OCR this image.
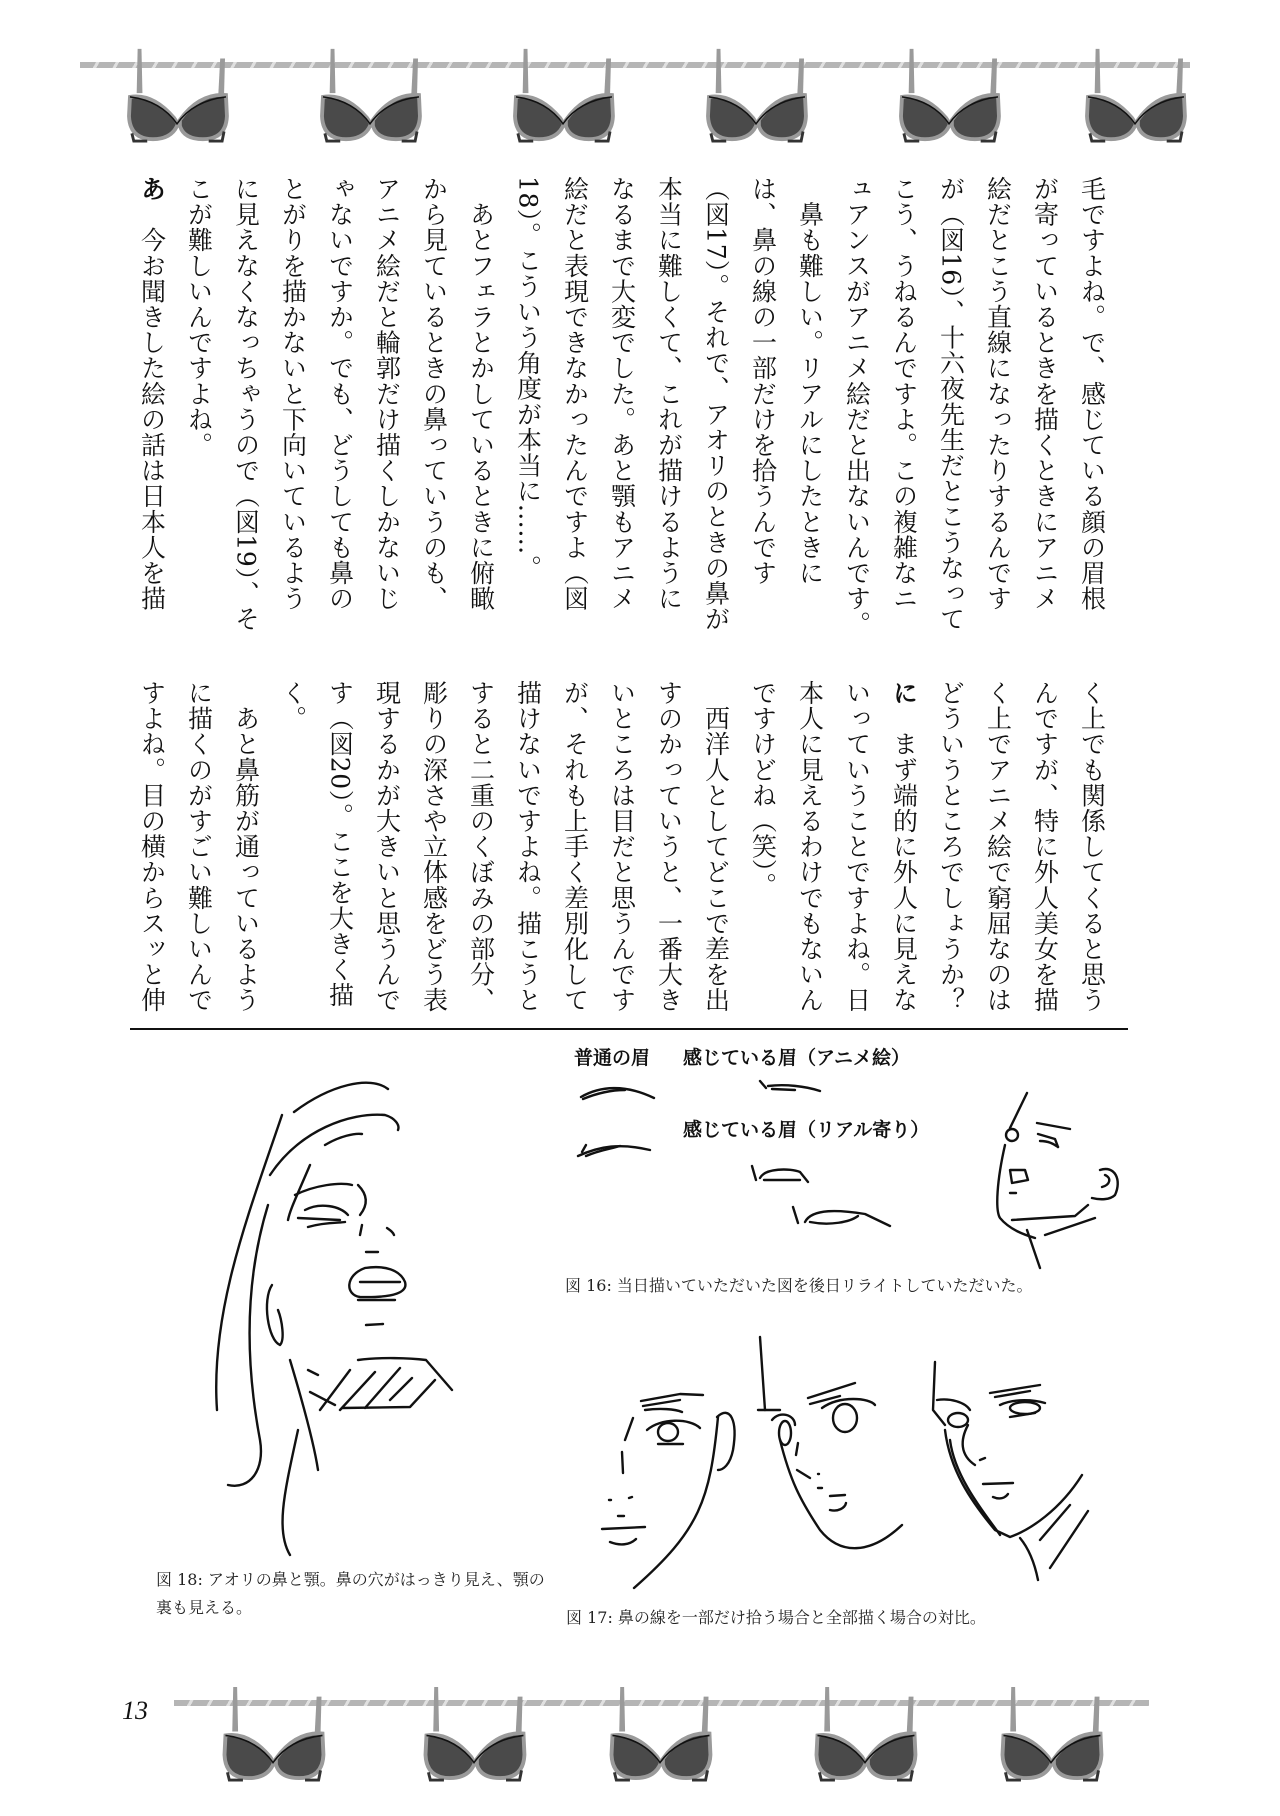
毛ですよね。で、感じている顔の眉根
が寄っているときを描くときにアニメ
絵だとこう直線になったりするんです
が（図16）、十六夜先生だとこうなって
こう、うねるんですよ。この複雑なニ
ュアンスがアニメ絵だと出ないんです。
　鼻も難しい。リアルにしたときに
は、鼻の線の一部だけを拾うんです
（図17）。それで、アオリのときの鼻が
本当に難しくて、これが描けるように
なるまで大変でした。あと顎もアニメ
絵だと表現できなかったんですよ（図
18）。こういう角度が本当に……。
　あとフェラとかしているときに俯瞰
から見ているときの鼻っていうのも、
アニメ絵だと輪郭だけ描くしかないじ
ゃないですか。でも、どうしても鼻の
とがりを描かないと下向いているよう
に見えなくなっちゃうので（図19）、そ
こが難しいんですよね。
あ　今お聞きした絵の話は日本人を描
く上でも関係してくると思う
んですが、特に外人美女を描
く上でアニメ絵で窮屈なのは
どういうところでしょうか？
に　まず端的に外人に見えな
いっていうことですよね。日
本人に見えるわけでもないん
ですけどね（笑）。
　西洋人としてどこで差を出
すのかっていうと、一番大き
いところは目だと思うんです
が、それも上手く差別化して
描けないですよね。描こうと
すると二重のくぼみの部分、
彫りの深さや立体感をどう表
現するかが大きいと思うんで
す（図20）。ここを大きく描
く。
　あと鼻筋が通っているよう
に描くのがすごい難しいんで
すよね。目の横からスッと伸
普通の眉 感じている眉（アニメ絵）
感じている眉（リアル寄り）
図 16: 当日描いていただいた図を後日リライトしていただいた。
図 18: アオリの鼻と顎。鼻の穴がはっきり見え、顎の裏も見える。
図 17: 鼻の線を一部だけ拾う場合と全部描く場合の対比。
13
